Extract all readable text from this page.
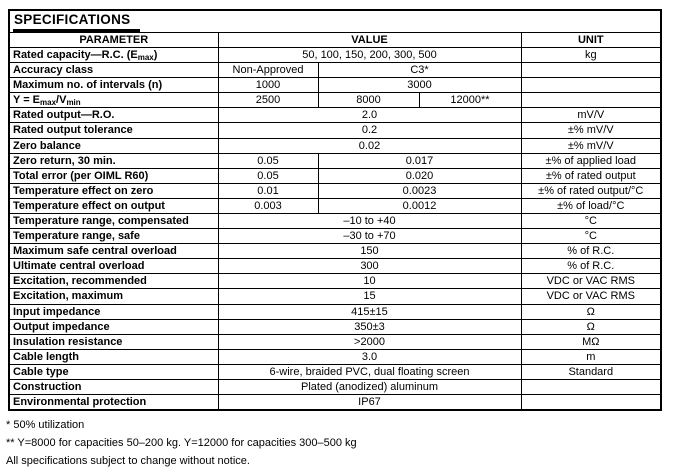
SPECIFICATIONS				
PARAMETER	VALUE			UNIT
Rated capacity—R.C. $(E_{max})$	50, 100, 150, 200, 300, 500			kg
Accuracy class	Non-Approved	C3*		
Maximum no. of intervals (n)	1000	3000		
$Y = E_{max}/V_{min}$	2500	8000	12000**	
Rated output—R.O.	2.0			mV/V
Rated output tolerance	0.2			±% mV/V
Zero balance	0.02			±% mV/V
Zero return, 30 min.	0.05	0.017		±% of applied load
Total error (per OIML R60)	0.05	0.020		±% of rated output
Temperature effect on zero	0.01	0.0023		±% of rated output/°C
Temperature effect on output	0.003	0.0012		±% of load/°C
Temperature range, compensated	–10 to +40			°C
Temperature range, safe	–30 to +70			°C
Maximum safe central overload	150			% of R.C.
Ultimate central overload	300			% of R.C.
Excitation, recommended	10			VDC or VAC RMS
Excitation, maximum	15			VDC or VAC RMS
Input impedance	415±15			Ω
Output impedance	350±3			Ω
Insulation resistance	>2000			MΩ
Cable length	3.0			m
Cable type	6-wire, braided PVC, dual floating screen			Standard
Construction	Plated (anodized) aluminum			
Environmental protection	IP67			
* 50% utilization
** Y=8000 for capacities 50–200 kg. Y=12000 for capacities 300–500 kg
All specifications subject to change without notice.
